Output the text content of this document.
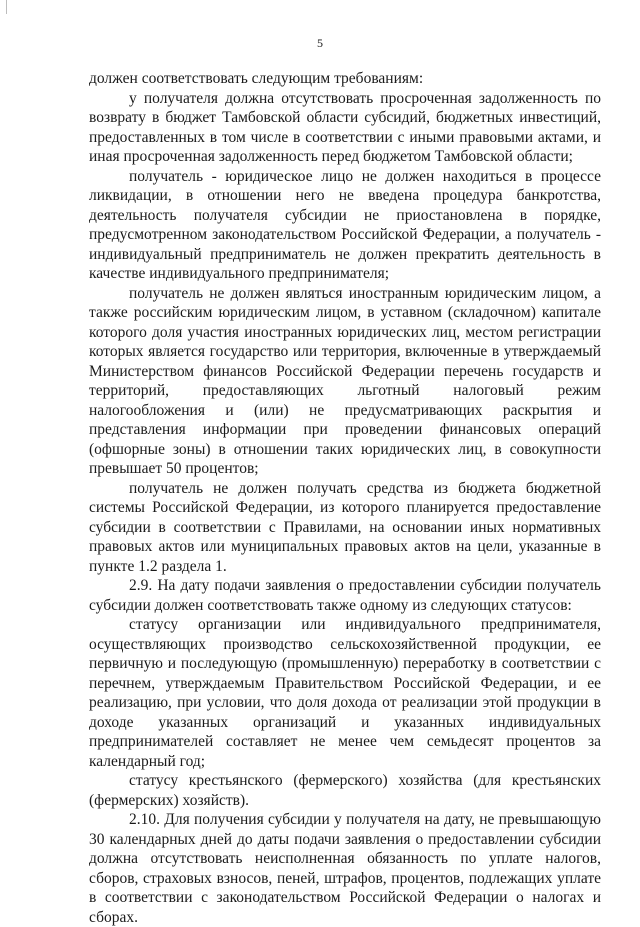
5

должен соответствовать следующим требованиям:

у получателя должна отсутствовать просроченная задолженность по возврату в бюджет Тамбовской области субсидий, бюджетных инвестиций, предоставленных в том числе в соответствии с иными правовыми актами, и иная просроченная задолженность перед бюджетом Тамбовской области;

получатель - юридическое лицо не должен находиться в процессе ликвидации, в отношении него не введена процедура банкротства, деятельность получателя субсидии не приостановлена в порядке, предусмотренном законодательством Российской Федерации, а получатель - индивидуальный предприниматель не должен прекратить деятельность в качестве индивидуального предпринимателя;

получатель не должен являться иностранным юридическим лицом, а также российским юридическим лицом, в уставном (складочном) капитале которого доля участия иностранных юридических лиц, местом регистрации которых является государство или территория, включенные в утверждаемый Министерством финансов Российской Федерации перечень государств и территорий, предоставляющих льготный налоговый режим налогообложения и (или) не предусматривающих раскрытия и представления информации при проведении финансовых операций (офшорные зоны) в отношении таких юридических лиц, в совокупности превышает 50 процентов;

получатель не должен получать средства из бюджета бюджетной системы Российской Федерации, из которого планируется предоставление субсидии в соответствии с Правилами, на основании иных нормативных правовых актов или муниципальных правовых актов на цели, указанные в пункте 1.2 раздела 1.

2.9. На дату подачи заявления о предоставлении субсидии получатель субсидии должен соответствовать также одному из следующих статусов:

статусу организации или индивидуального предпринимателя, осуществляющих производство сельскохозяйственной продукции, ее первичную и последующую (промышленную) переработку в соответствии с перечнем, утверждаемым Правительством Российской Федерации, и ее реализацию, при условии, что доля дохода от реализации этой продукции в доходе указанных организаций и указанных индивидуальных предпринимателей составляет не менее чем семьдесят процентов за календарный год;

статусу крестьянского (фермерского) хозяйства (для крестьянских (фермерских) хозяйств).

2.10. Для получения субсидии у получателя на дату, не превышающую 30 календарных дней до даты подачи заявления о предоставлении субсидии должна отсутствовать неисполненная обязанность по уплате налогов, сборов, страховых взносов, пеней, штрафов, процентов, подлежащих уплате в соответствии с законодательством Российской Федерации о налогах и сборах.
